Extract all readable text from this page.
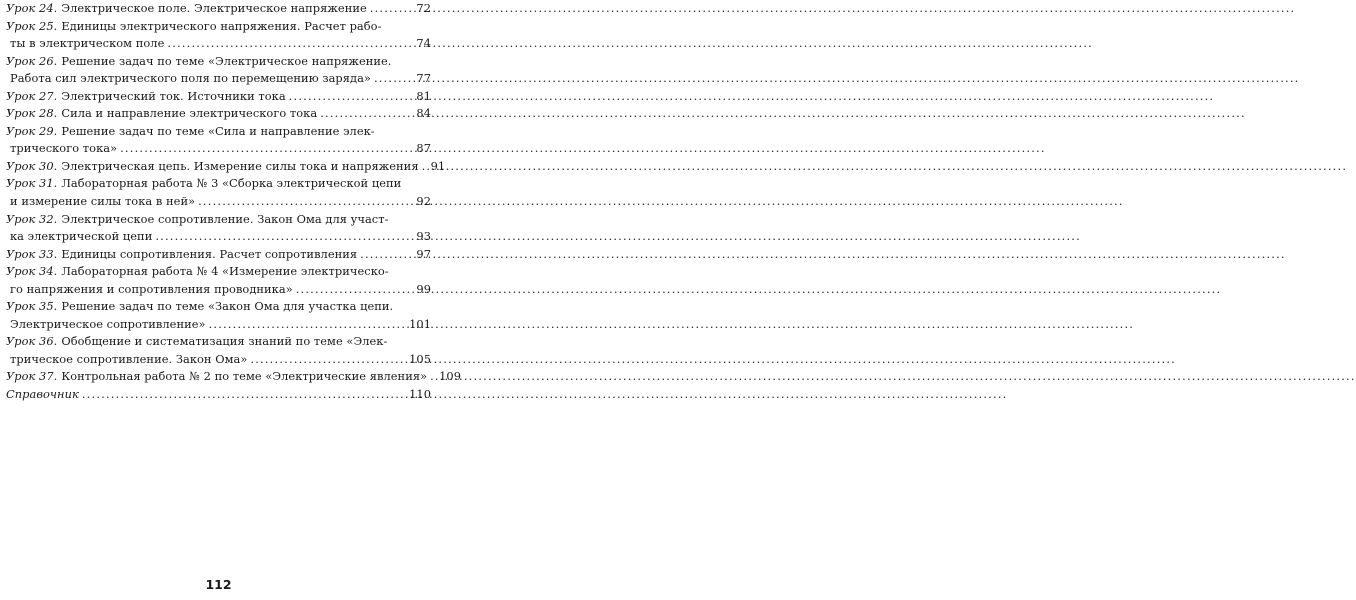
Урок 24. Электрическое поле. Электрическое напряжение .....	72
Урок 25. Единицы электрического напряжения. Расчет рабо-
ты в электрическом поле .....	74
Урок 26. Решение задач по теме «Электрическое напряжение.
Работа сил электрического поля по перемещению заряда» .....	77
Урок 27. Электрический ток. Источники тока .....	81
Урок 28. Сила и направление электрического тока .....	84
Урок 29. Решение задач по теме «Сила и направление элек-
трического тока» .....	87
Урок 30. Электрическая цепь. Измерение силы тока и напряжения ..... 91
Урок 31. Лабораторная работа № 3 «Сборка электрической цепи
и измерение силы тока в ней» .....	92
Урок 32. Электрическое сопротивление. Закон Ома для участ-
ка электрической цепи .....	93
Урок 33. Единицы сопротивления. Расчет сопротивления .....	97
Урок 34. Лабораторная работа № 4 «Измерение электрическо-
го напряжения и сопротивления проводника» .....	99
Урок 35. Решение задач по теме «Закон Ома для участка цепи.
Электрическое сопротивление» .....	101
Урок 36. Обобщение и систематизация знаний по теме «Элек-
трическое сопротивление. Закон Ома» .....	105
Урок 37. Контрольная работа № 2 по теме «Электрические явления» ..... 109
Справочник .....	110
112
